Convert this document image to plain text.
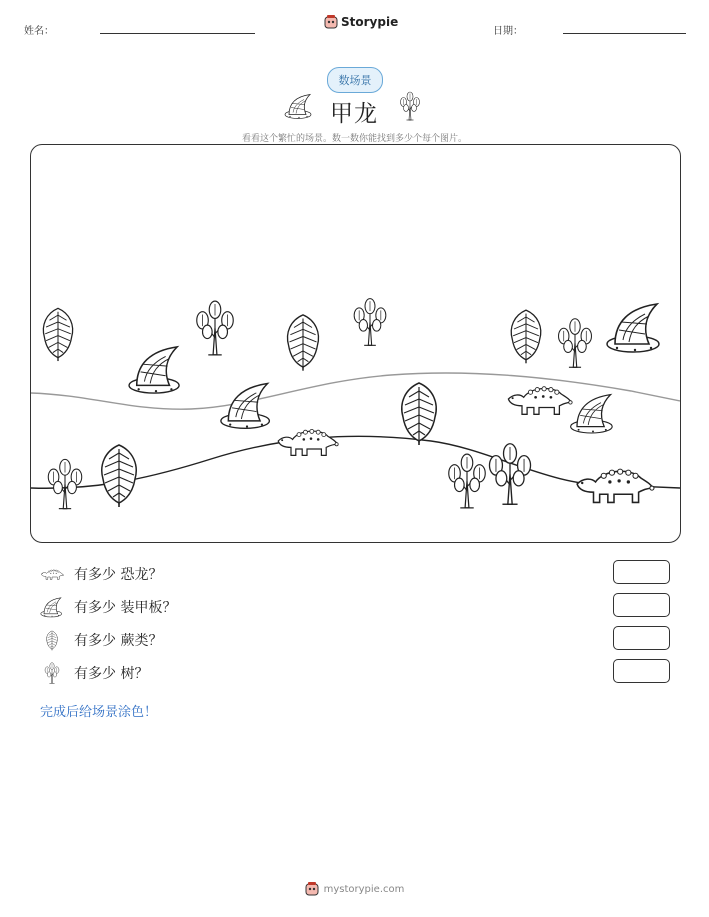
姓名：
Storypie
日期：
数场景
甲龙
看看这个繁忙的场景。数一数你能找到多少个每个图片。
有多少 恐龙？
有多少 装甲板？
有多少 蕨类？
有多少 树？
完成后给场景涂色！
mystorypie.com
